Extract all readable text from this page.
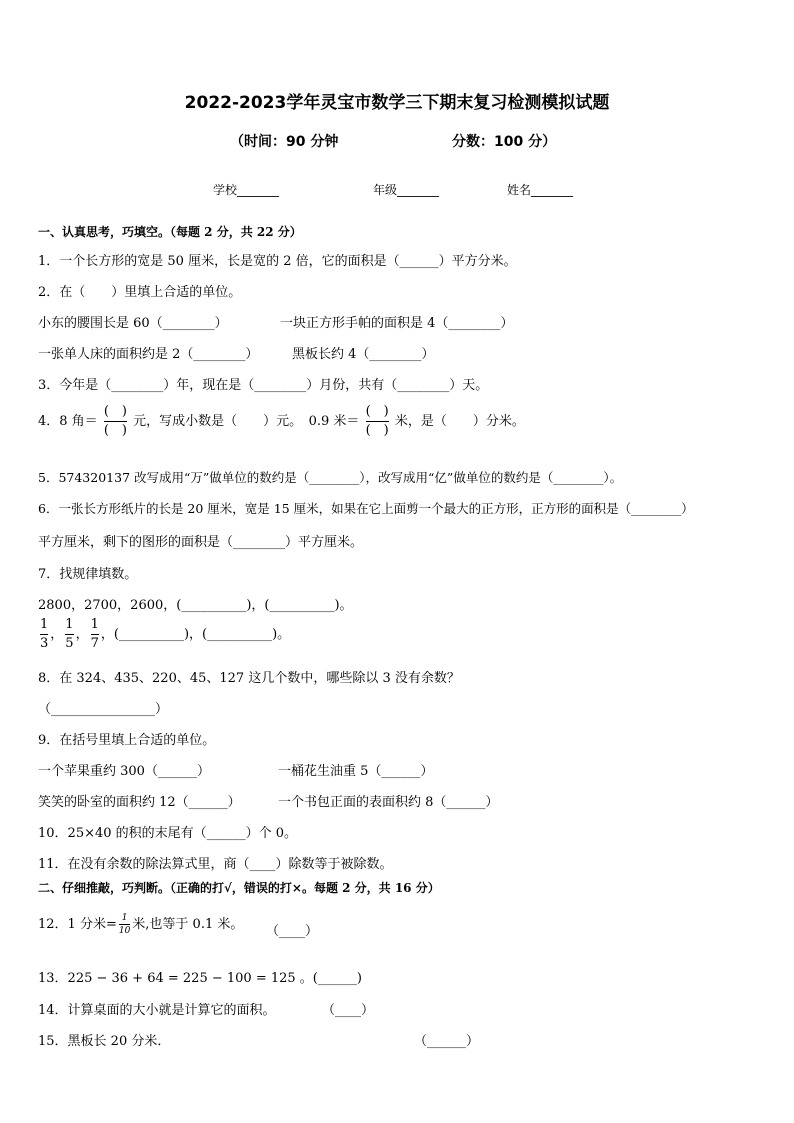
2022-2023学年灵宝市数学三下期末复习检测模拟试题
（时间：90 分钟	分数：100 分）
学校_______	年级_______	姓名_______
一、认真思考，巧填空。（每题 2 分，共 22 分）
1．一个长方形的宽是 50 厘米，长是宽的 2 倍，它的面积是（______）平方分米。
2．在（　　）里填上合适的单位。
小东的腰围长是 60（________）	一块正方形手帕的面积是 4（________）
一张单人床的面积约是 2（________）	黑板长约 4（________）
3．今年是（________）年，现在是（________）月份，共有（________）天。
4．8 角＝ $\frac{( )}{( )}$ 元，写成小数是（　　）元。　0.9 米＝ $\frac{( )}{( )}$ 米，是（　　）分米。
5．574320137 改写成用“万”做单位的数约是（________），改写成用“亿”做单位的数约是（________）。
6．一张长方形纸片的长是 20 厘米，宽是 15 厘米，如果在它上面剪一个最大的正方形，正方形的面积是（________）
平方厘米，剩下的图形的面积是（________）平方厘米。
7．找规律填数。
2800，2700，2600，(__________)，(__________)。
$\frac{1}{3}$ ， $\frac{1}{5}$ ， $\frac{1}{7}$ ，(__________)，(__________)。
8．在 324、435、220、45、127 这几个数中，哪些除以 3 没有余数？
（________________）
9．在括号里填上合适的单位。
一个苹果重约 300（______）	一桶花生油重 5（______）
笑笑的卧室的面积约 12（______）	一个书包正面的表面积约 8（______）
10．25×40 的积的末尾有（______）个 0。
11．在没有余数的除法算式里，商（____）除数等于被除数。
二、仔细推敲，巧判断。（正确的打√，错误的打×。每题 2 分，共 16 分）
12．1 分米= $\frac{1}{10}$ 米,也等于 0.1 米。 （____）
13．225 − 36 + 64 = 225 − 100 = 125 。(______)
14．计算桌面的大小就是计算它的面积。	（____）
15．黑板长 20 分米．	（______）
